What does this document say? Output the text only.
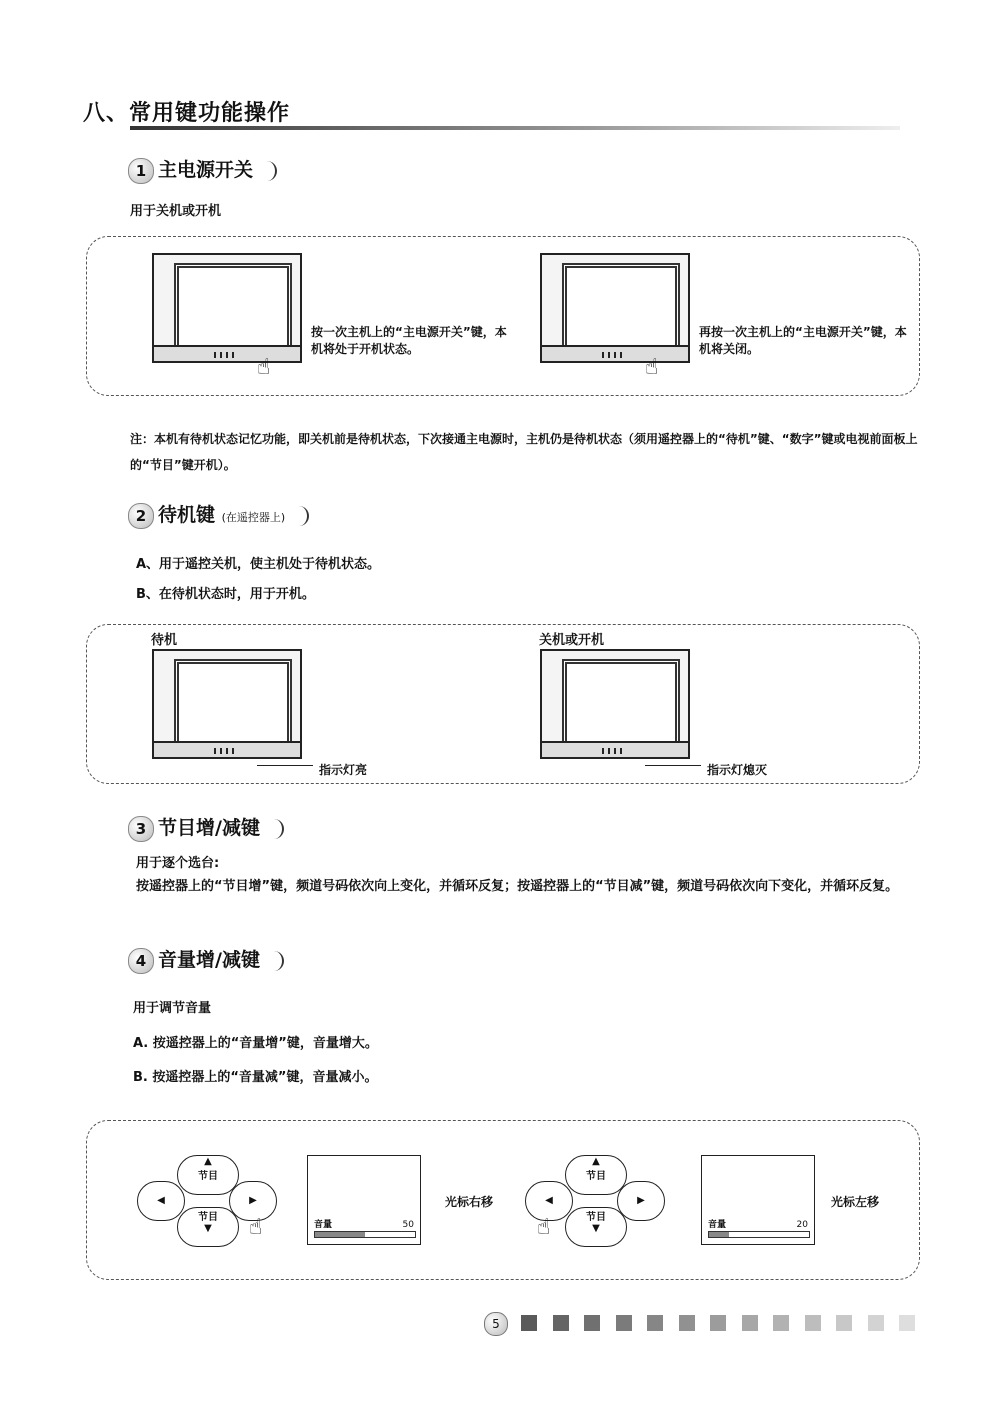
八、常用键功能操作
1 主电源开关
用于关机或开机
☝
按一次主机上的“主电源开关”键，本机将处于开机状态。
☝
再按一次主机上的“主电源开关”键，本机将关闭。
注：本机有待机状态记忆功能，即关机前是待机状态，下次接通主电源时，主机仍是待机状态（须用遥控器上的“待机”键、“数字”键或电视前面板上的“节目”键开机）。
2 待机键 (在遥控器上)
A、用于遥控关机，使主机处于待机状态。
B、在待机状态时，用于开机。
待机
指示灯亮
关机或开机
指示灯熄灭
3 节目增/减键
用于逐个选台:
按遥控器上的“节目增”键，频道号码依次向上变化，并循环反复；按遥控器上的“节目减”键，频道号码依次向下变化，并循环反复。
4 音量增/减键
用于调节音量
A. 按遥控器上的“音量增”键，音量增大。
B. 按遥控器上的“音量减”键，音量减小。
▲
节目
节目
▼
◀	▶
☝	音量	50
光标右移
▲
节目
节目
▼
◀	▶
☝	音量	20
光标左移
5
